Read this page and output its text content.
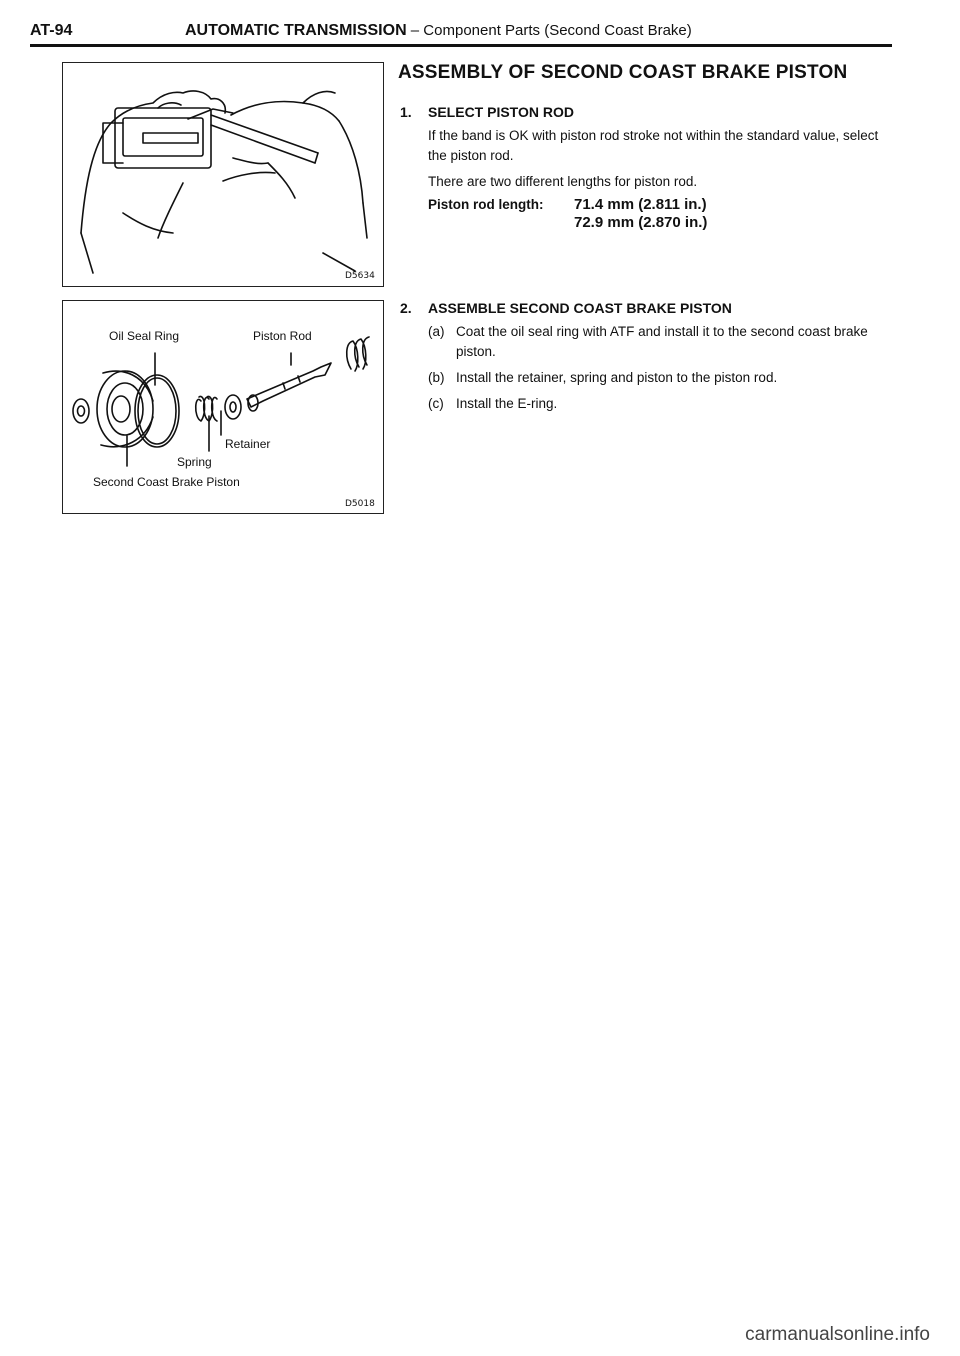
AT-94	AUTOMATIC TRANSMISSION – Component Parts (Second Coast Brake)
D5634
Oil Seal Ring	Piston Rod
Retainer
Spring
Second Coast Brake Piston
D5018
ASSEMBLY OF SECOND COAST BRAKE PISTON
1. SELECT PISTON ROD
If the band is OK with piston rod stroke not within the standard value, select the piston rod.
There are two different lengths for piston rod.
Piston rod length: 71.4 mm (2.811 in.)
72.9 mm (2.870 in.)
2. ASSEMBLE SECOND COAST BRAKE PISTON
(a) Coat the oil seal ring with ATF and install it to the second coast brake piston.
(b) Install the retainer, spring and piston to the piston rod.
(c) Install the E-ring.
carmanualsonline.info
